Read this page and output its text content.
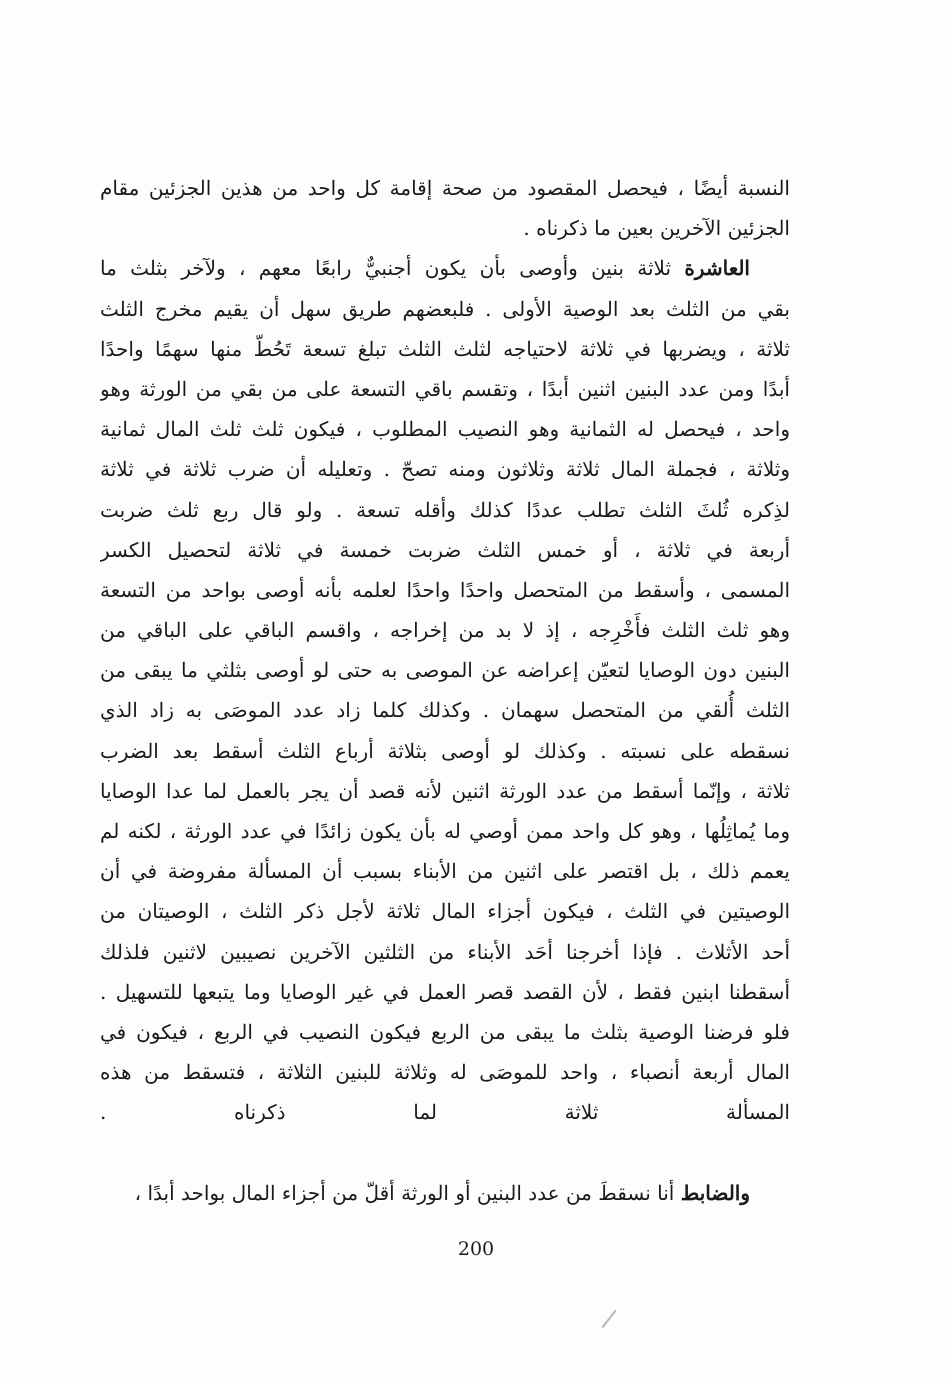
النسبة أيضًا ، فيحصل المقصود من صحة إقامة كل واحد من هذين الجزئين مقام
الجزئين الآخرين بعين ما ذكرناه .
العاشرة ثلاثة بنين وأوصى بأن يكون أجنبيٌّ رابعًا معهم ، ولآخر بثلث ما
بقي من الثلث بعد الوصية الأولى . فلبعضهم طريق سهل أن يقيم مخرج الثلث
ثلاثة ، ويضربها في ثلاثة لاحتياجه لثلث الثلث تبلغ تسعة تَحُطّ منها سهمًا واحدًا
أبدًا ومن عدد البنين اثنين أبدًا ، وتقسم باقي التسعة على من بقي من الورثة وهو
واحد ، فيحصل له الثمانية وهو النصيب المطلوب ، فيكون ثلث ثلث المال ثمانية
وثلاثة ، فجملة المال ثلاثة وثلاثون ومنه تصحّ . وتعليله أن ضرب ثلاثة في ثلاثة
لذِكره ثُلثَ الثلث تطلب عددًا كذلك وأقله تسعة . ولو قال ربع ثلث ضربت
أربعة في ثلاثة ، أو خمس الثلث ضربت خمسة في ثلاثة لتحصيل الكسر
المسمى ، وأسقط من المتحصل واحدًا واحدًا لعلمه بأنه أوصى بواحد من التسعة
وهو ثلث الثلث فأَخْرِجه ، إذ لا بد من إخراجه ، واقسم الباقي على الباقي من
البنين دون الوصايا لتعيّن إعراضه عن الموصى به حتى لو أوصى بثلثي ما يبقى من
الثلث أُلقي من المتحصل سهمان . وكذلك كلما زاد عدد الموصَى به زاد الذي
نسقطه على نسبته . وكذلك لو أوصى بثلاثة أرباع الثلث أسقط بعد الضرب
ثلاثة ، وإنّما أسقط من عدد الورثة اثنين لأنه قصد أن يجر بالعمل لما عدا الوصايا
وما يُماثِلُها ، وهو كل واحد ممن أوصي له بأن يكون زائدًا في عدد الورثة ، لكنه لم
يعمم ذلك ، بل اقتصر على اثنين من الأبناء بسبب أن المسألة مفروضة في أن
الوصيتين في الثلث ، فيكون أجزاء المال ثلاثة لأجل ذكر الثلث ، الوصيتان من
أحد الأثلاث . فإذا أخرجنا أحَد الأبناء من الثلثين الآخرين نصيبين لاثنين فلذلك
أسقطنا ابنين فقط ، لأن القصد قصر العمل في غير الوصايا وما يتبعها للتسهيل .
فلو فرضنا الوصية بثلث ما يبقى من الربع فيكون النصيب في الربع ، فيكون في
المال أربعة أنصباء ، واحد للموصَى له وثلاثة للبنين الثلاثة ، فتسقط من هذه
المسألة ثلاثة لما ذكرناه .
والضابط أنا نسقطَ من عدد البنين أو الورثة أقلّ من أجزاء المال بواحد أبدًا ،
200
